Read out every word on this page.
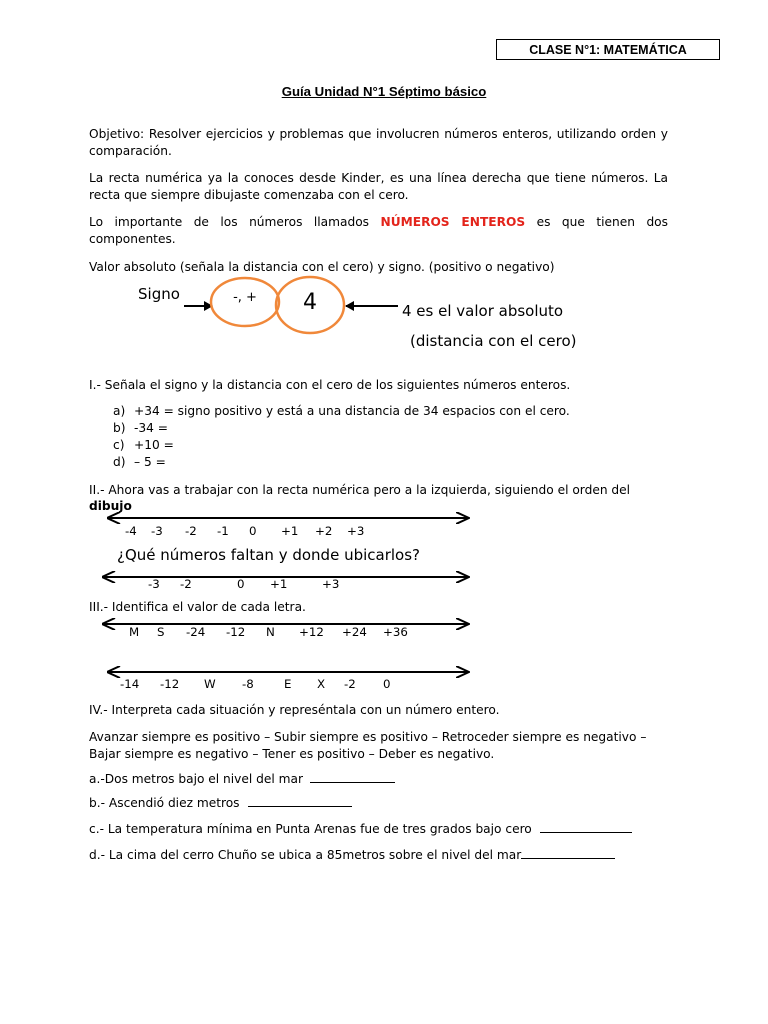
CLASE N°1: MATEMÁTICA
Guía Unidad N°1 Séptimo básico
Objetivo: Resolver ejercicios y problemas que involucren números enteros, utilizando orden y comparación.
La recta numérica ya la conoces desde Kinder, es una línea derecha que tiene números. La recta que siempre dibujaste comenzaba con el cero.
Lo importante de los números llamados NÚMEROS ENTEROS es que tienen dos componentes.
Valor absoluto (señala la distancia con el cero) y signo. (positivo o negativo)
Signo	-, +	4	4 es el valor absoluto
(distancia con el cero)
I.- Señala el signo y la distancia con el cero de los siguientes números enteros.
a) +34 = signo positivo y está a una distancia de 34 espacios con el cero.
b) -34 =
c) +10 =
d) – 5 =
II.- Ahora vas a trabajar con la recta numérica pero a la izquierda, siguiendo el orden del
dibujo
-4 -3 -2 -1 0 +1 +2 +3
¿Qué números faltan y donde ubicarlos?
-3 -2	0 +1	+3
III.- Identifica el valor de cada letra.
M S -24 -12 N +12 +24 +36
-14 -12 W -8	E X -2 0
IV.- Interpreta cada situación y represéntala con un número entero.
Avanzar siempre es positivo – Subir siempre es positivo – Retroceder siempre es negativo – Bajar siempre es negativo – Tener es positivo – Deber es negativo.
a.-Dos metros bajo el nivel del mar
b.- Ascendió diez metros
c.- La temperatura mínima en Punta Arenas fue de tres grados bajo cero
d.- La cima del cerro Chuño se ubica a 85metros sobre el nivel del mar
